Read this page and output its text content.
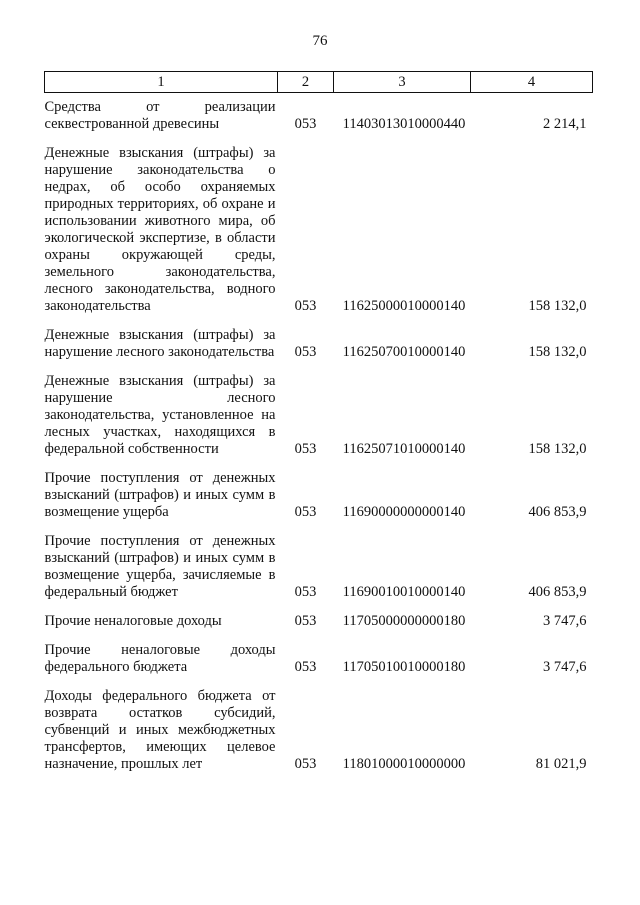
76
1	2	3	4
Средства от реализации секвестрованной древесины	053	11403013010000440	2 214,1
Денежные взыскания (штрафы) за нарушение законодательства о недрах, об особо охраняемых природных территориях, об охране и использовании животного мира, об экологической экспертизе, в области охраны окружающей среды, земельного законодательства, лесного законодательства, водного законодательства	053	11625000010000140	158 132,0
Денежные взыскания (штрафы) за нарушение лесного законодательства	053	11625070010000140	158 132,0
Денежные взыскания (штрафы) за нарушение лесного законодательства, установленное на лесных участках, находящихся в федеральной собственности	053	11625071010000140	158 132,0
Прочие поступления от денежных взысканий (штрафов) и иных сумм в возмещение ущерба	053	11690000000000140	406 853,9
Прочие поступления от денежных взысканий (штрафов) и иных сумм в возмещение ущерба, зачисляемые в федеральный бюджет	053	11690010010000140	406 853,9
Прочие неналоговые доходы	053	11705000000000180	3 747,6
Прочие неналоговые доходы федерального бюджета	053	11705010010000180	3 747,6
Доходы федерального бюджета от возврата остатков субсидий, субвенций и иных межбюджетных трансфертов, имеющих целевое назначение, прошлых лет	053	11801000010000000	81 021,9
